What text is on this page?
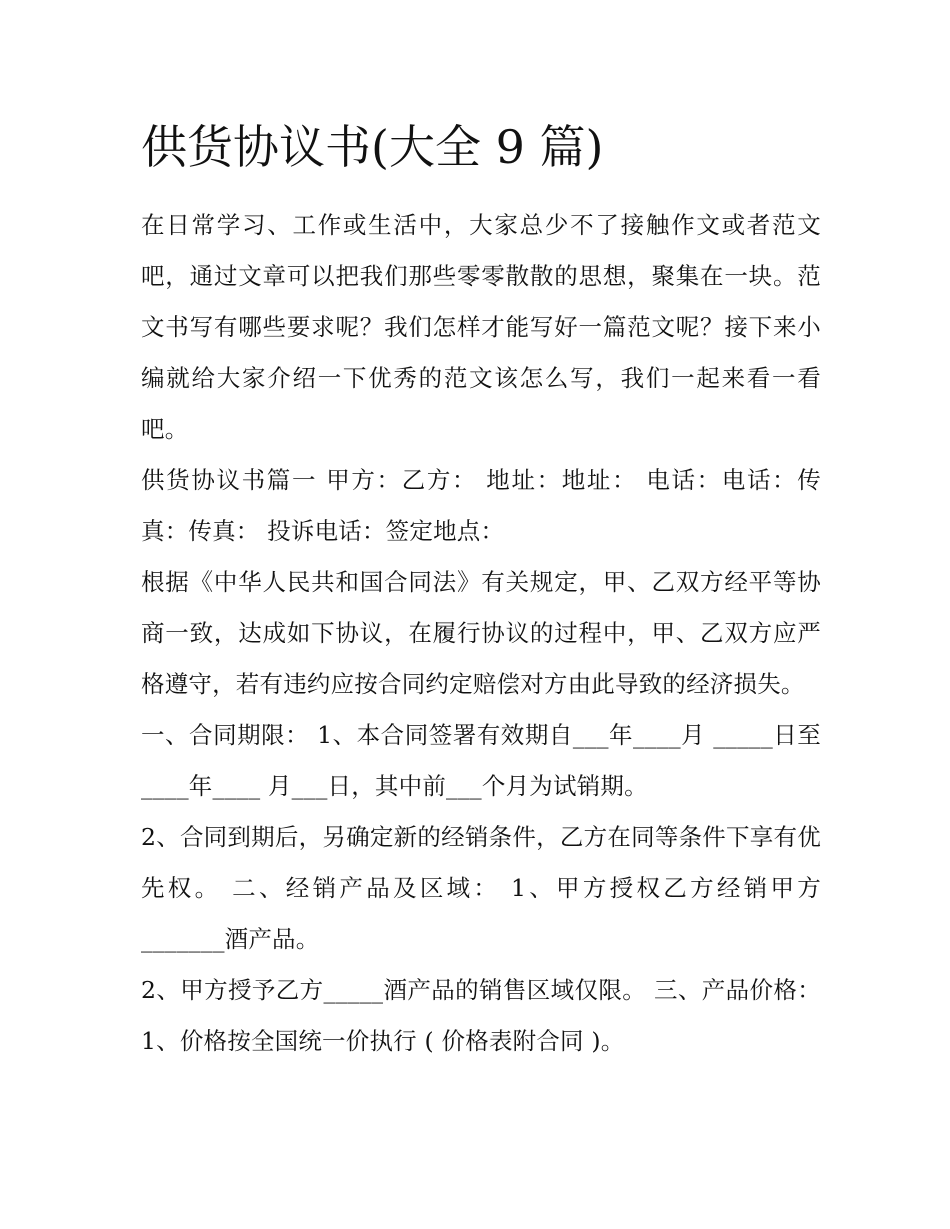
供货协议书(大全 9 篇)

在日常学习、工作或生活中，大家总少不了接触作文或者范文吧，通过文章可以把我们那些零零散散的思想，聚集在一块。范文书写有哪些要求呢？我们怎样才能写好一篇范文呢？接下来小编就给大家介绍一下优秀的范文该怎么写，我们一起来看一看吧。

供货协议书篇一 甲方：乙方： 地址：地址： 电话：电话：传真：传真： 投诉电话：签定地点：

根据《中华人民共和国合同法》有关规定，甲、乙双方经平等协商一致，达成如下协议，在履行协议的过程中，甲、乙双方应严格遵守，若有违约应按合同约定赔偿对方由此导致的经济损失。

一、合同期限： 1、本合同签署有效期自___年____月 _____日至____年____ 月___日，其中前___个月为试销期。

2、合同到期后，另确定新的经销条件，乙方在同等条件下享有优先权。 二、经销产品及区域： 1、甲方授权乙方经销甲方_______酒产品。

2、甲方授予乙方_____酒产品的销售区域仅限。 三、产品价格： 1、价格按全国统一价执行 ( 价格表附合同 )。
